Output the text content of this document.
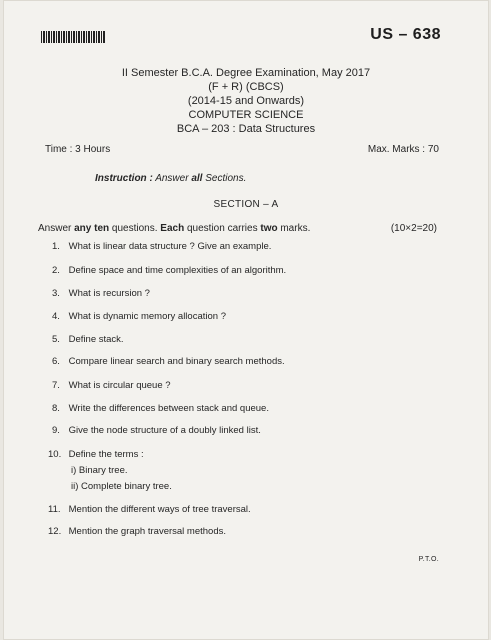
US – 638
II Semester B.C.A. Degree Examination, May 2017
(F + R) (CBCS)
(2014-15 and Onwards)
COMPUTER SCIENCE
BCA – 203 : Data Structures
Time : 3 Hours	Max. Marks : 70
Instruction : Answer all Sections.
SECTION – A
Answer any ten questions. Each question carries two marks.	(10×2=20)
1. What is linear data structure ? Give an example.
2. Define space and time complexities of an algorithm.
3. What is recursion ?
4. What is dynamic memory allocation ?
5. Define stack.
6. Compare linear search and binary search methods.
7. What is circular queue ?
8. Write the differences between stack and queue.
9. Give the node structure of a doubly linked list.
10. Define the terms :
i) Binary tree.
ii) Complete binary tree.
11. Mention the different ways of tree traversal.
12. Mention the graph traversal methods.
P.T.O.
